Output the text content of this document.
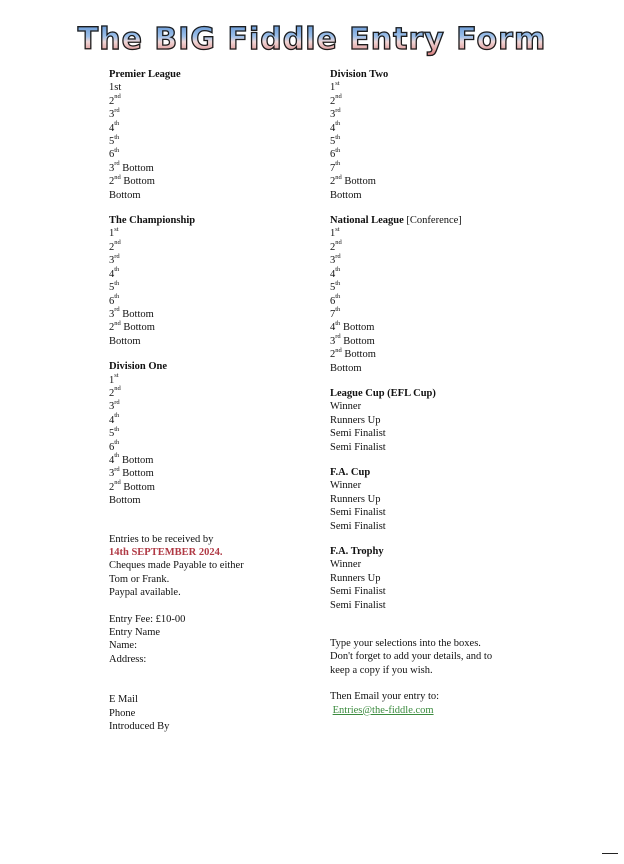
The BIG Fiddle Entry Form
Premier League
1st
2nd
3rd
4th
5th
6th
3rd Bottom
2nd Bottom
Bottom
The Championship
1st
2nd
3rd
4th
5th
6th
3rd Bottom
2nd Bottom
Bottom
Division One
1st
2nd
3rd
4th
5th
6th
4th Bottom
3rd Bottom
2nd Bottom
Bottom
Entries to be received by
14th SEPTEMBER 2024.
Cheques made Payable to either
Tom or Frank.
Paypal available.
Entry Fee: £10-00
Entry Name
Name:
Address:
E Mail
Phone
Introduced By
Division Two
1st
2nd
3rd
4th
5th
6th
7th
2nd Bottom
Bottom
National League [Conference]
1st
2nd
3rd
4th
5th
6th
7th
4th Bottom
3rd Bottom
2nd Bottom
Bottom
League Cup (EFL Cup)
Winner
Runners Up
Semi Finalist
Semi Finalist
F.A. Cup
Winner
Runners Up
Semi Finalist
Semi Finalist
F.A. Trophy
Winner
Runners Up
Semi Finalist
Semi Finalist
Type your selections into the boxes.
Don't forget to add your details, and to
keep a copy if you wish.
Then Email your entry to:
Entries@the-fiddle.com
